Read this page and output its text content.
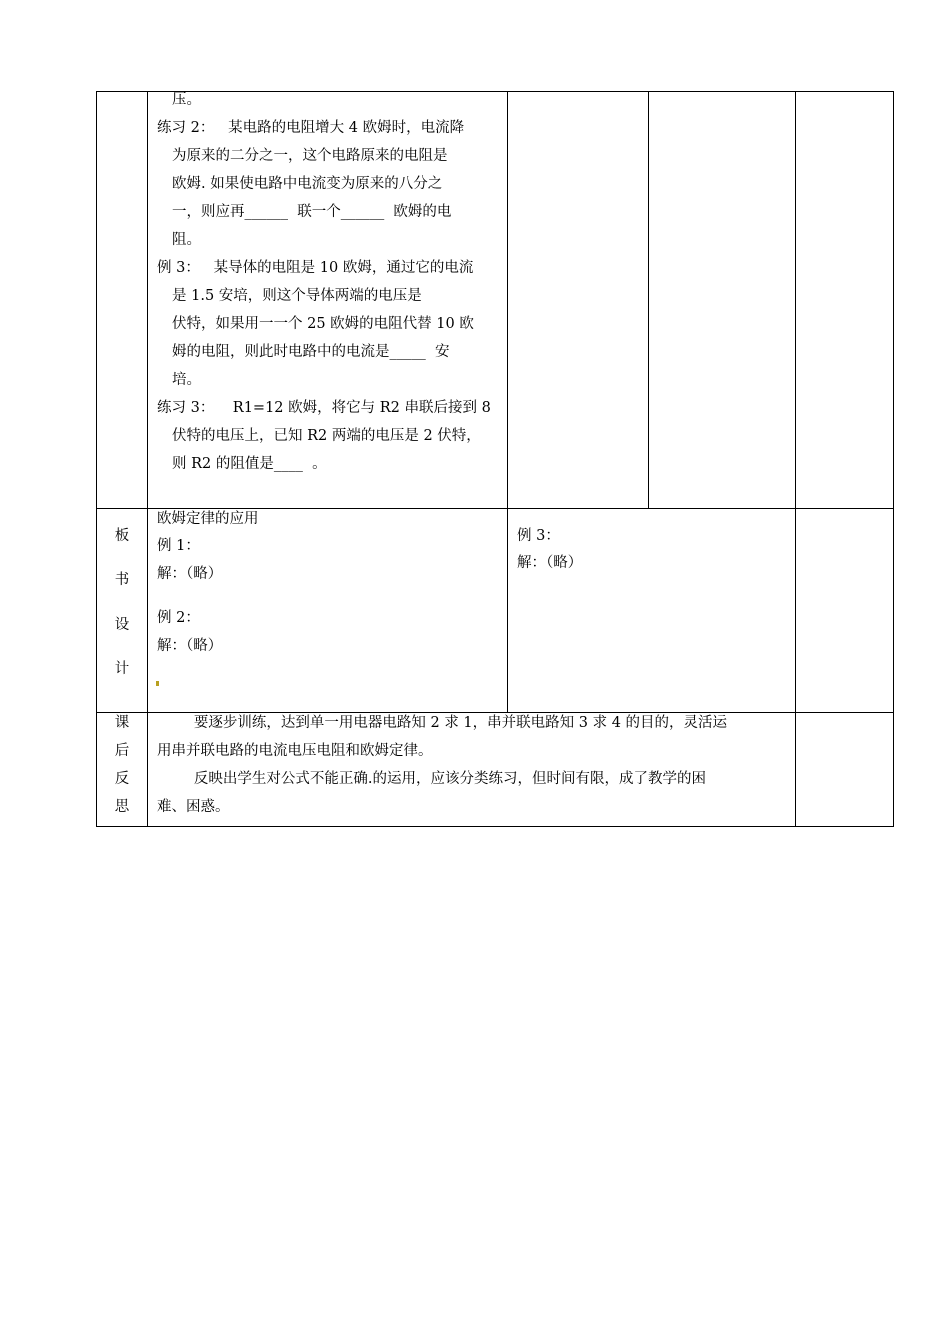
压。
练习 2：   某电路的电阻增大 4 欧姆时，电流降
为原来的二分之一，这个电路原来的电阻是
欧姆. 如果使电路中电流变为原来的八分之
一，则应再______  联一个______  欧姆的电
阻。
例 3：   某导体的电阻是 10 欧姆，通过它的电流
是 1.5 安培，则这个导体两端的电压是
伏特，如果用一一个 25 欧姆的电阻代替 10 欧
姆的电阻，则此时电路中的电流是_____  安
培。
练习 3：    R1=12 欧姆，将它与 R2 串联后接到 8
伏特的电压上，已知 R2 两端的电压是 2 伏特，
则 R2 的阻值是____  。
板
书
设
计
欧姆定律的应用
例 1：
解：（略）
例 2：
解：（略）
例 3：
解：（略）
课
后
反
思
要逐步训练，达到单一用电器电路知 2 求 1，串并联电路知 3 求 4 的目的，灵活运
用串并联电路的电流电压电阻和欧姆定律。
反映出学生对公式不能正确.的运用，应该分类练习，但时间有限，成了教学的困
难、困惑。
